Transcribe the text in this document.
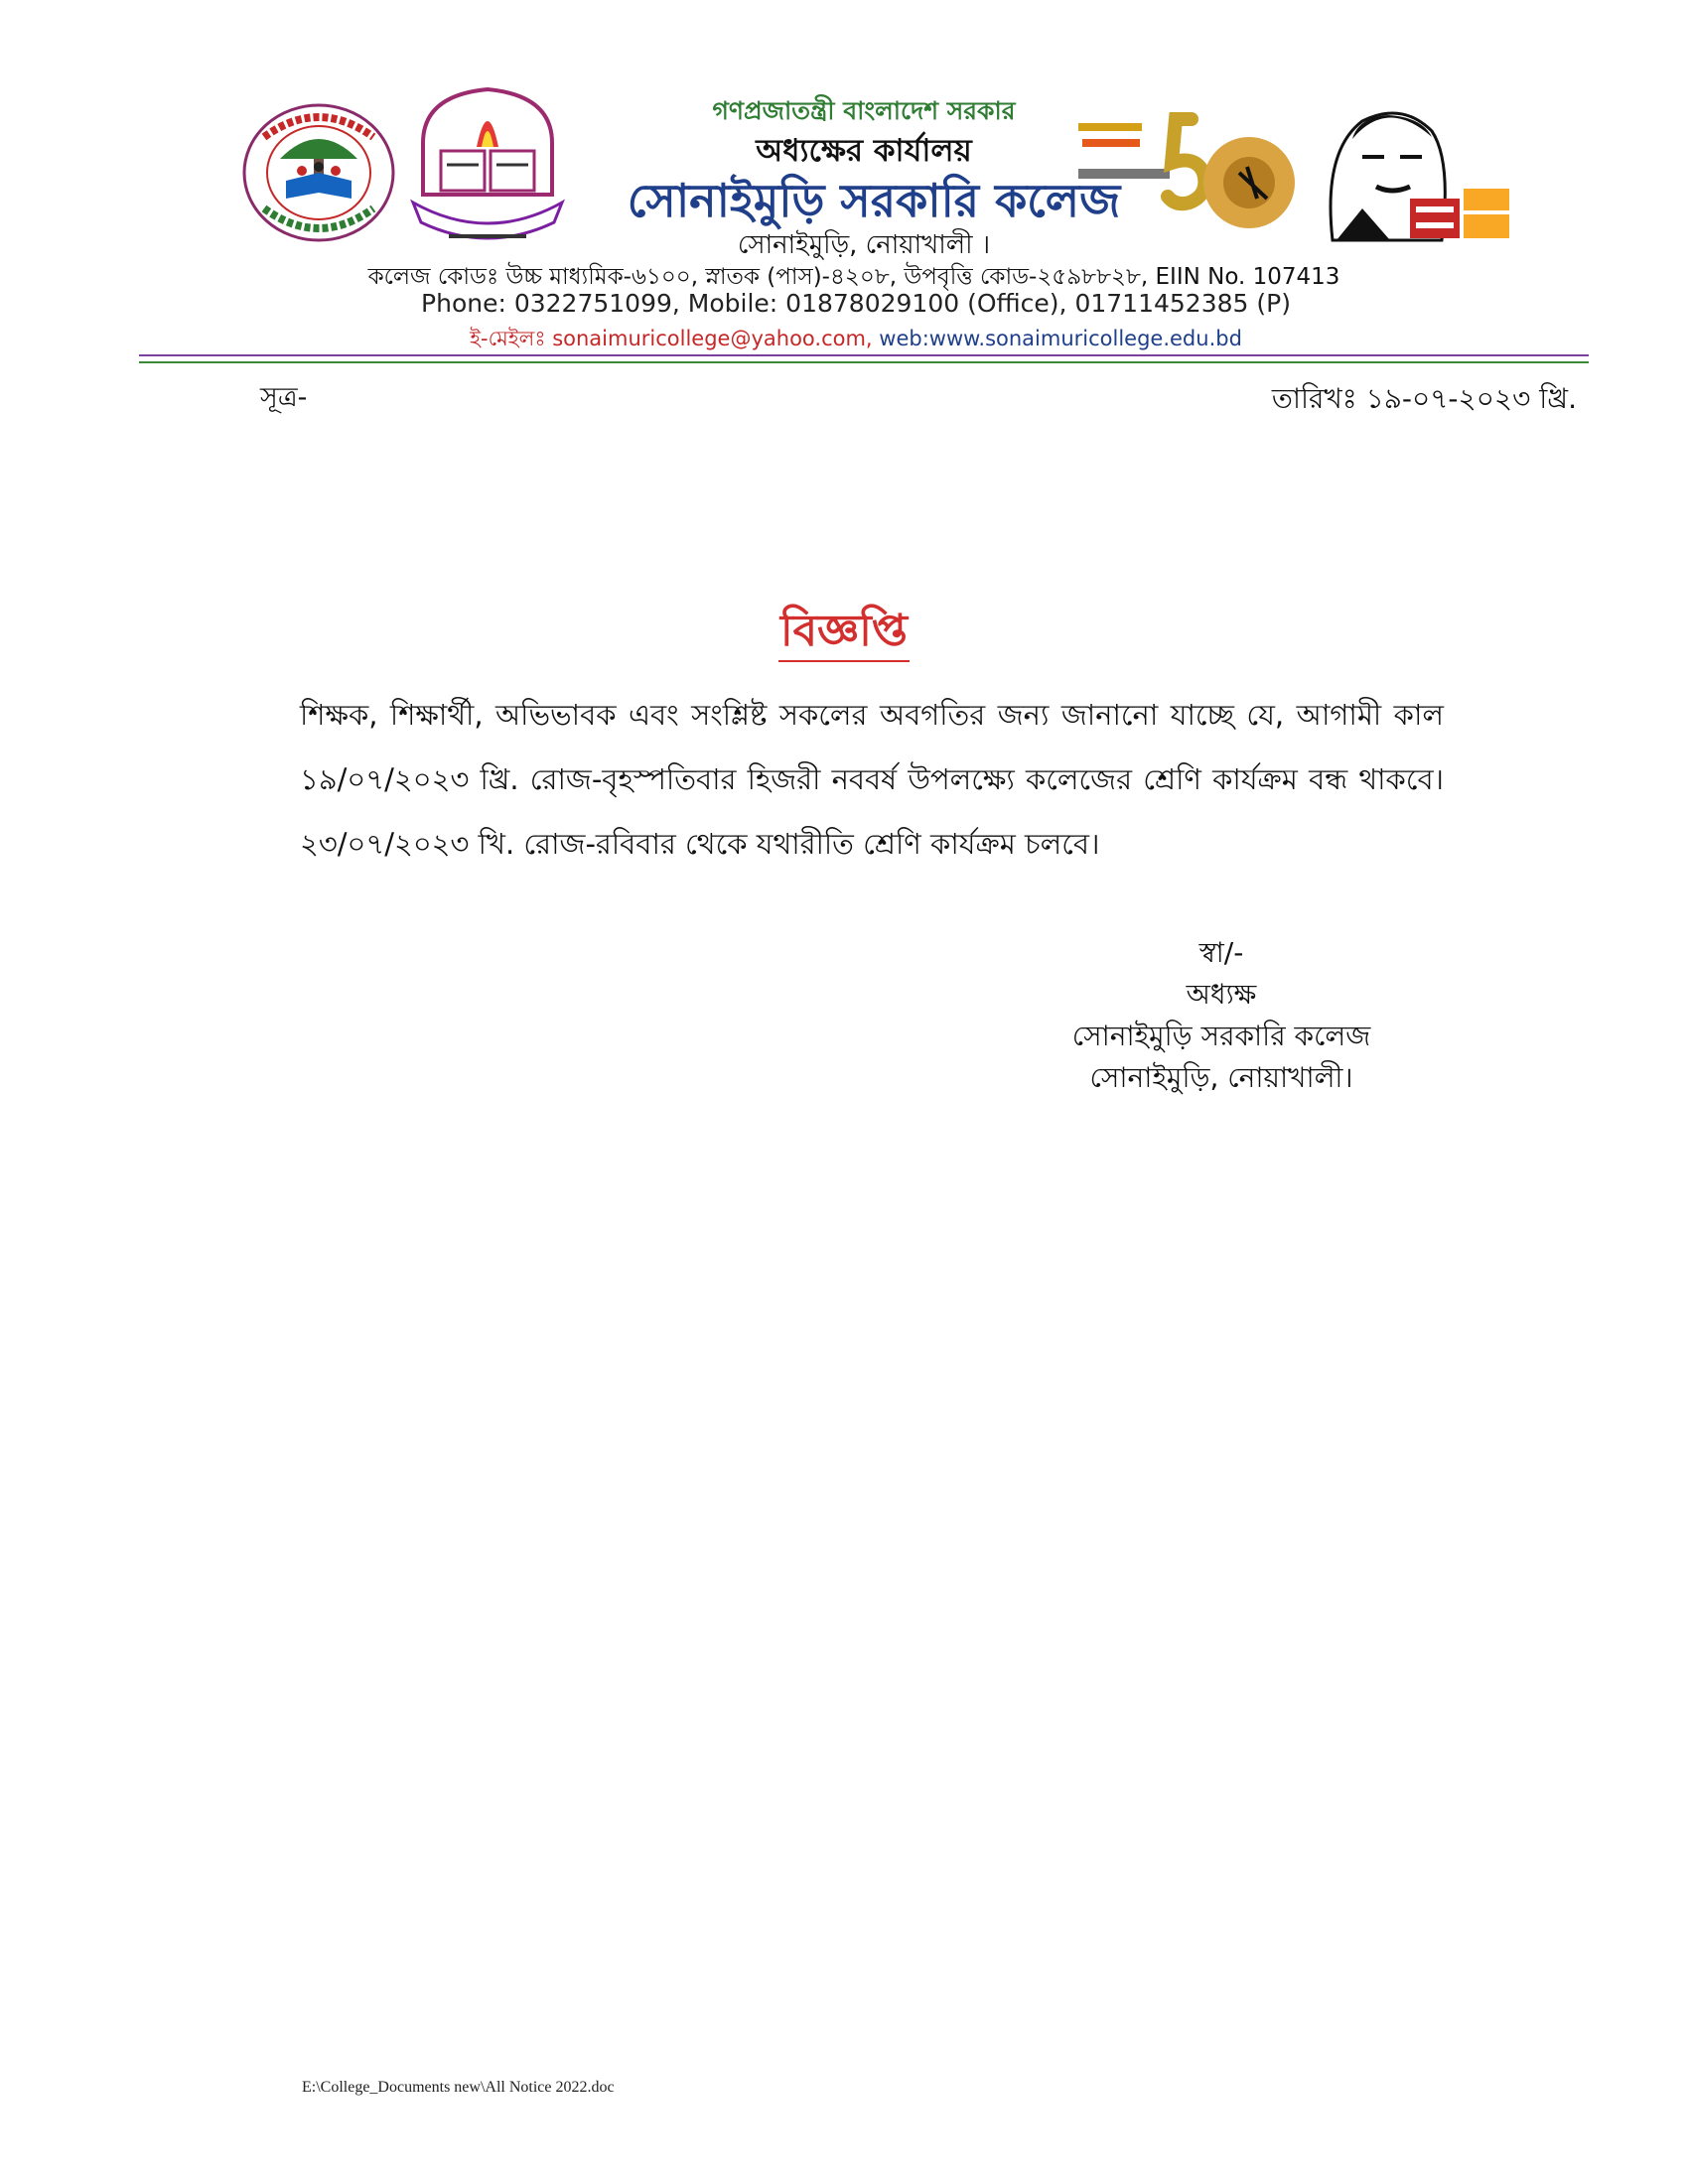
গণপ্রজাতন্ত্রী বাংলাদেশ সরকার
অধ্যক্ষের কার্যালয়
সোনাইমুড়ি সরকারি কলেজ
সোনাইমুড়ি, নোয়াখালী ।
কলেজ কোডঃ উচ্চ মাধ্যমিক-৬১০০, স্নাতক (পাস)-৪২০৮, উপবৃত্তি কোড-২৫৯৮৮২৮, EIIN No. 107413
Phone: 0322751099, Mobile: 01878029100 (Office), 01711452385 (P)
ই-মেইলঃ sonaimuricollege@yahoo.com, web:www.sonaimuricollege.edu.bd
সূত্র-	তারিখঃ ১৯-০৭-২০২৩ খ্রি.
বিজ্ঞপ্তি
শিক্ষক, শিক্ষার্থী, অভিভাবক এবং সংশ্লিষ্ট সকলের অবগতির জন্য জানানো যাচ্ছে যে, আগামী কাল ১৯/০৭/২০২৩ খ্রি. রোজ-বৃহস্পতিবার হিজরী নববর্ষ উপলক্ষ্যে কলেজের শ্রেণি কার্যক্রম বন্ধ থাকবে। ২৩/০৭/২০২৩ খি. রোজ-রবিবার থেকে যথারীতি শ্রেণি কার্যক্রম চলবে।
স্বা/-
অধ্যক্ষ
সোনাইমুড়ি সরকারি কলেজ
সোনাইমুড়ি, নোয়াখালী।
E:\College_Documents new\All Notice 2022.doc
